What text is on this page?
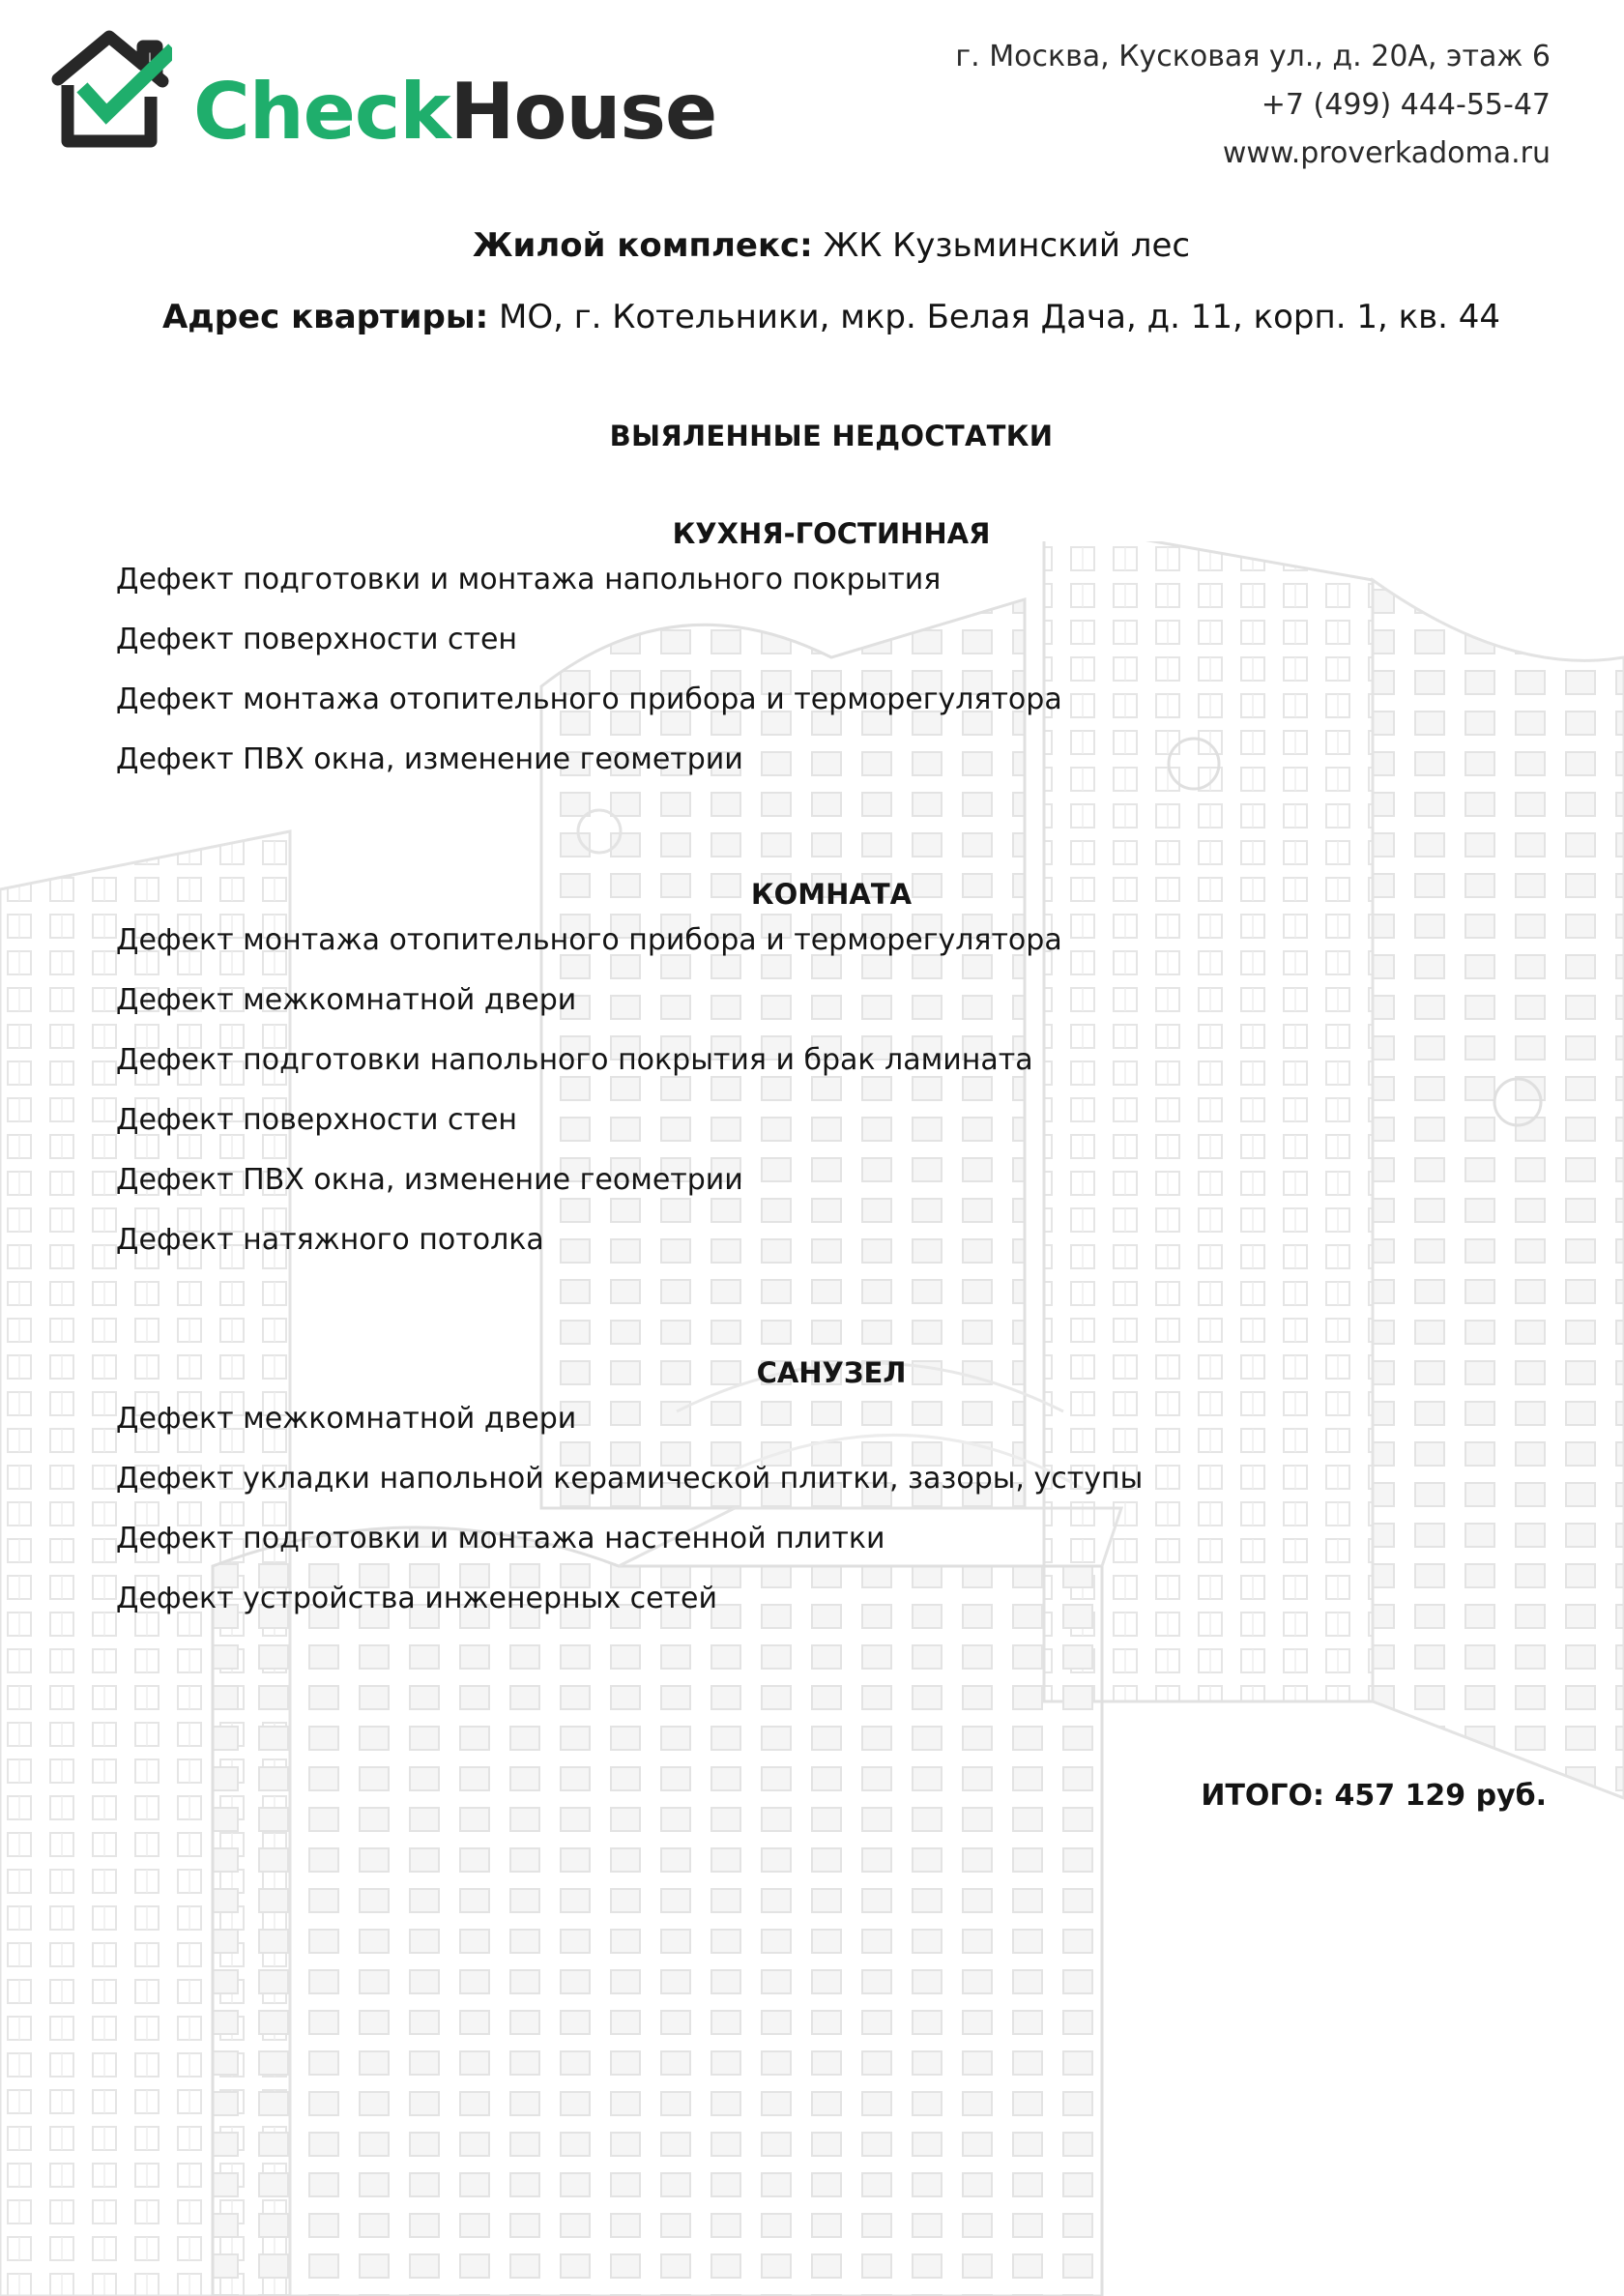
CheckHouse
г. Москва, Кусковая ул., д. 20А, этаж 6
+7 (499) 444-55-47
www.proverkadoma.ru
Жилой комплекс: ЖК Кузьминский лес
Адрес квартиры: МО, г. Котельники, мкр. Белая Дача, д. 11, корп. 1, кв. 44
ВЫЯЛЕННЫЕ НЕДОСТАТКИ
КУХНЯ-ГОСТИННАЯ
Дефект подготовки и монтажа напольного покрытия
Дефект поверхности стен
Дефект монтажа отопительного прибора и терморегулятора
Дефект ПВХ окна, изменение геометрии
КОМНАТА
Дефект монтажа отопительного прибора и терморегулятора
Дефект межкомнатной двери
Дефект подготовки напольного покрытия и брак ламината
Дефект поверхности стен
Дефект ПВХ окна, изменение геометрии
Дефект натяжного потолка
САНУЗЕЛ
Дефект межкомнатной двери
Дефект укладки напольной керамической плитки, зазоры, уступы
Дефект подготовки и монтажа настенной плитки
Дефект устройства инженерных сетей
ИТОГО: 457 129 руб.
